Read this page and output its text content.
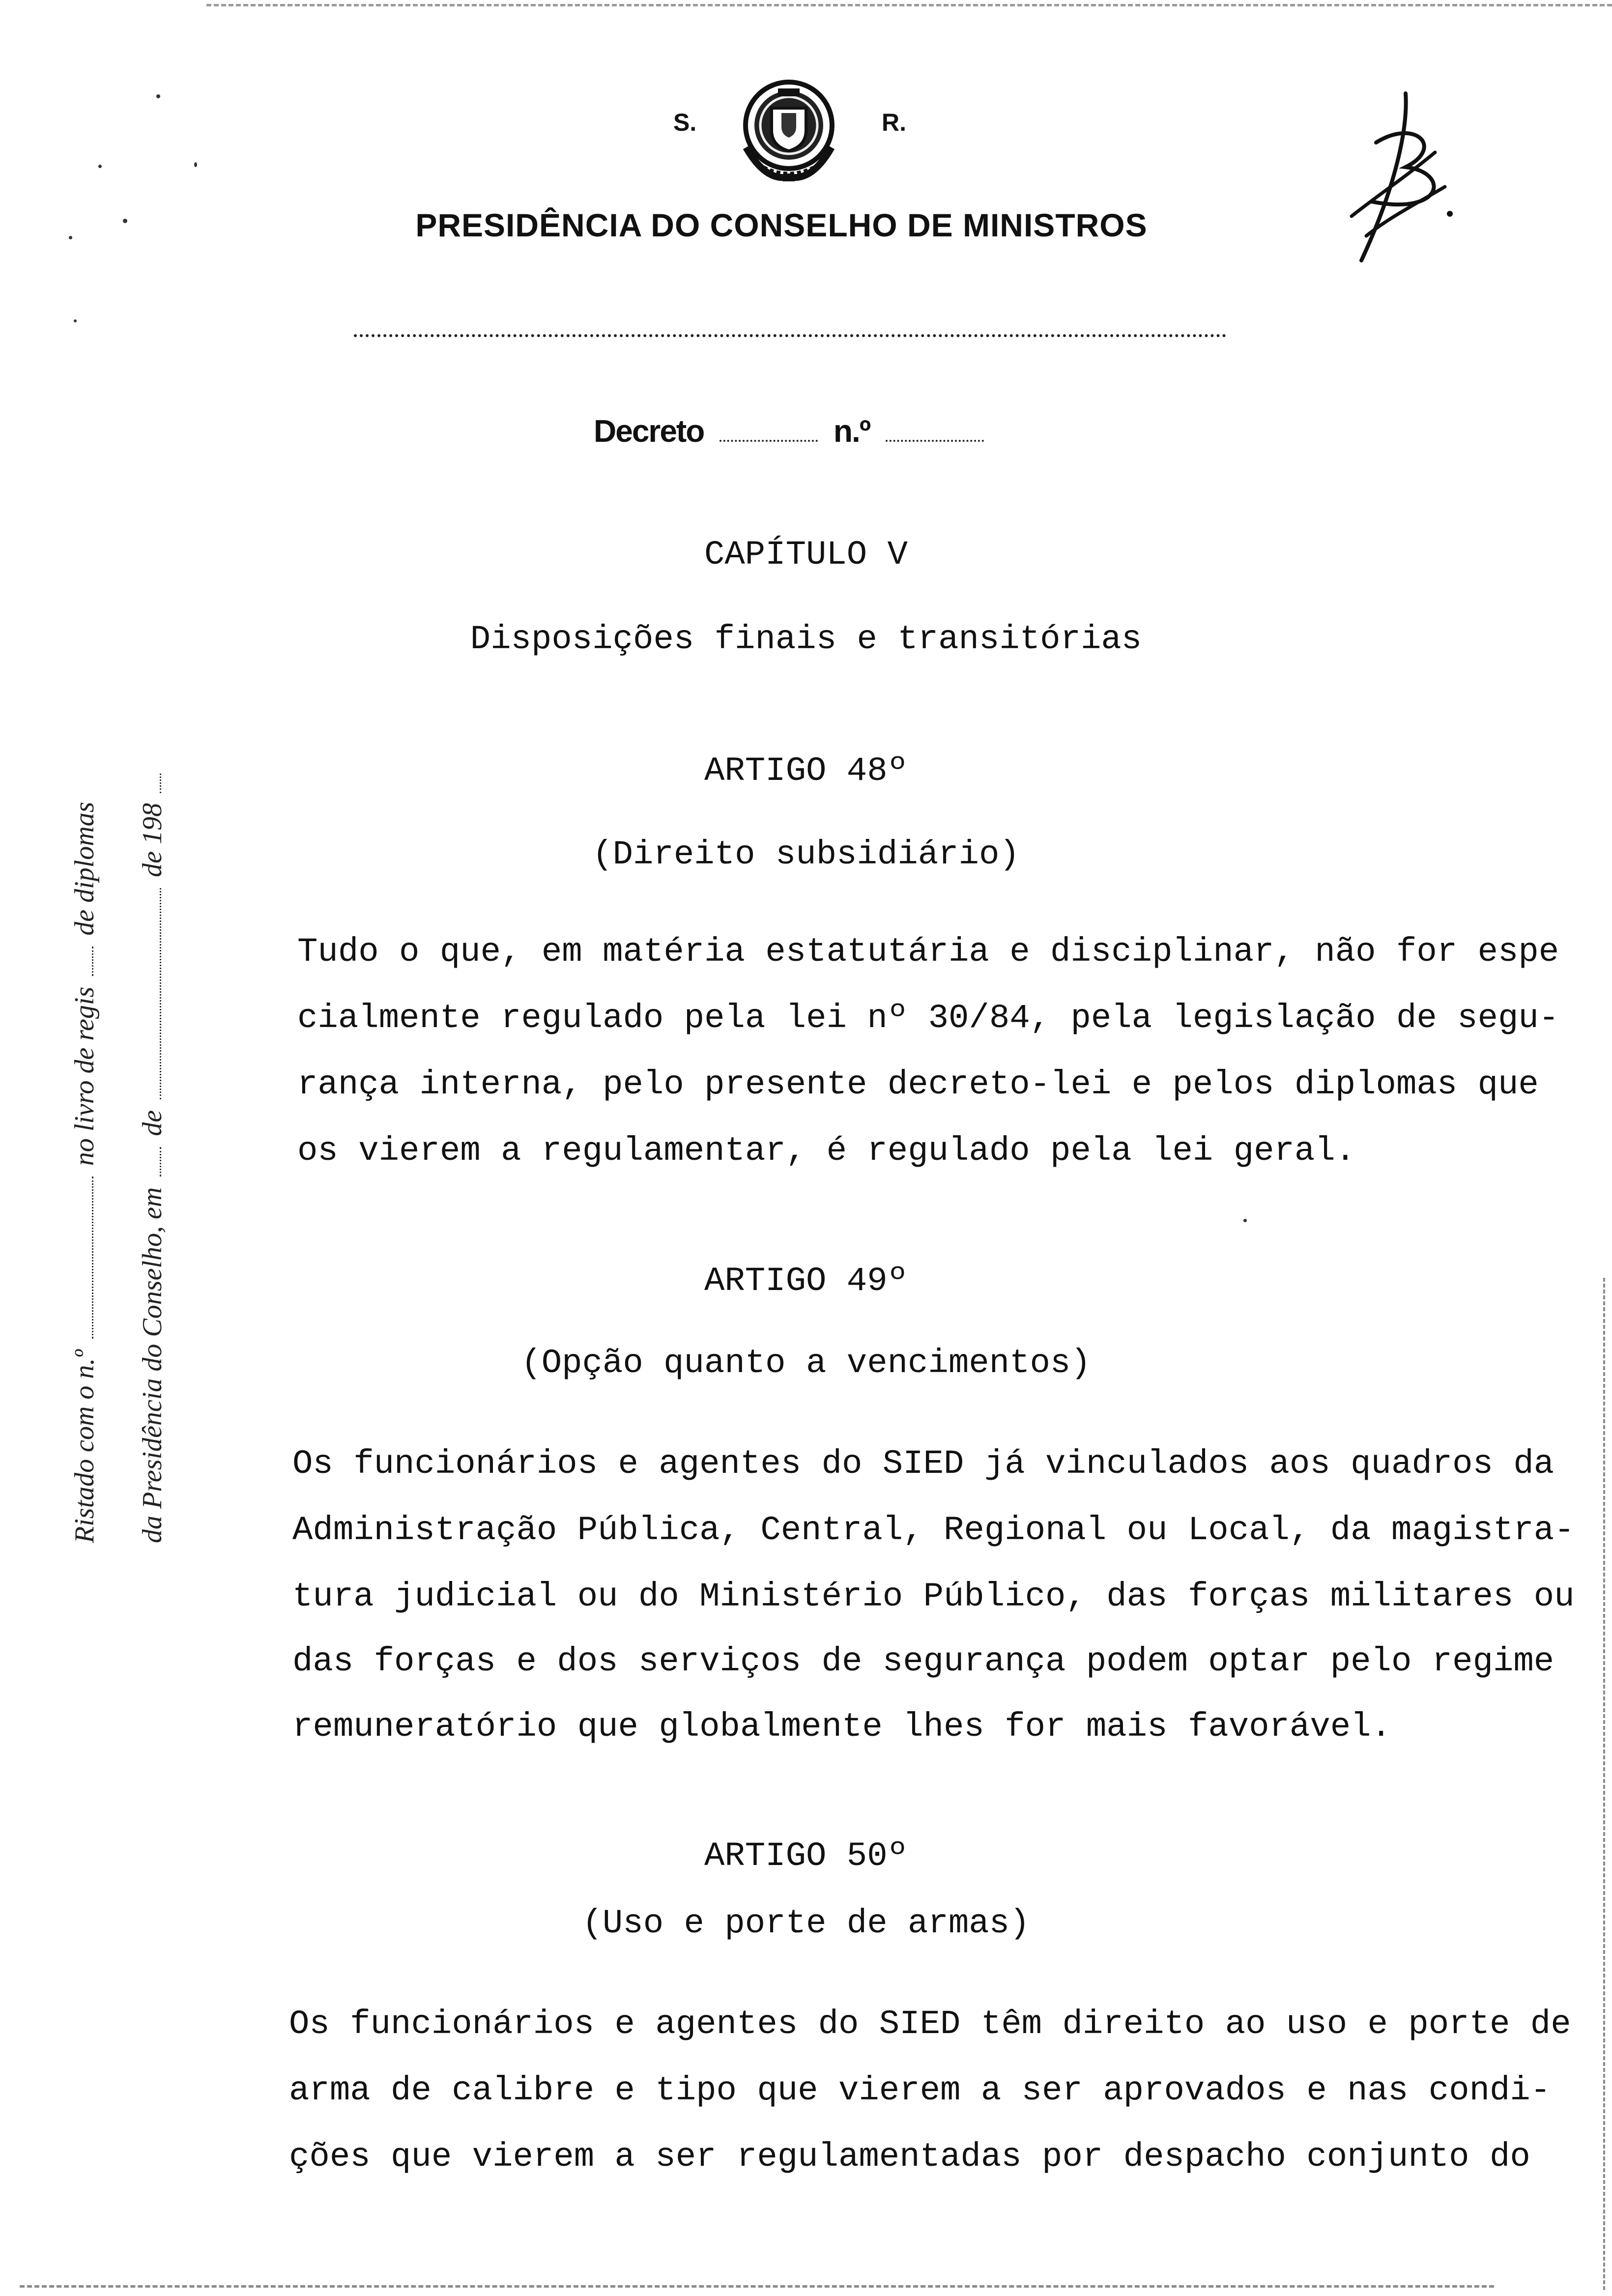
S.	R.
PRESIDÊNCIA DO CONSELHO DE MINISTROS
Decreto	n.º
Ristado com o n.º  no livro de regis  de diplomas
da Presidência do Conselho, em  de  de 198
CAPÍTULO V
Disposições finais e transitórias
ARTIGO 48º
(Direito subsidiário)
Tudo o que, em matéria estatutária e disciplinar, não for espe
cialmente regulado pela lei nº 30/84, pela legislação de segu-
rança interna, pelo presente decreto-lei e pelos diplomas que
os vierem a regulamentar, é regulado pela lei geral.
ARTIGO 49º
(Opção quanto a vencimentos)
Os funcionários e agentes do SIED já vinculados aos quadros da
Administração Pública, Central, Regional ou Local, da magistra-
tura judicial ou do Ministério Público, das forças militares ou
das forças e dos serviços de segurança podem optar pelo regime
remuneratório que globalmente lhes for mais favorável.
ARTIGO 50º
(Uso e porte de armas)
Os funcionários e agentes do SIED têm direito ao uso e porte de
arma de calibre e tipo que vierem a ser aprovados e nas condi-
ções que vierem a ser regulamentadas por despacho conjunto do
